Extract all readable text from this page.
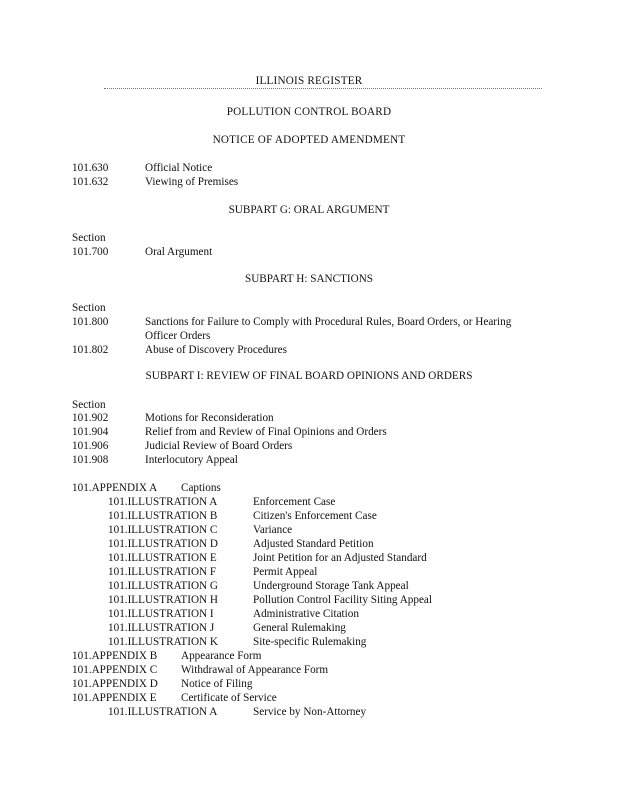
ILLINOIS REGISTER
POLLUTION CONTROL BOARD
NOTICE OF ADOPTED AMENDMENT
101.630	Official Notice
101.632	Viewing of Premises
SUBPART G: ORAL ARGUMENT
Section
101.700	Oral Argument
SUBPART H: SANCTIONS
Section
101.800	Sanctions for Failure to Comply with Procedural Rules, Board Orders, or Hearing
Officer Orders
101.802	Abuse of Discovery Procedures
SUBPART I: REVIEW OF FINAL BOARD OPINIONS AND ORDERS
Section
101.902	Motions for Reconsideration
101.904	Relief from and Review of Final Opinions and Orders
101.906	Judicial Review of Board Orders
101.908	Interlocutory Appeal
101.APPENDIX A Captions
101.ILLUSTRATION A	Enforcement Case
101.ILLUSTRATION B	Citizen's Enforcement Case
101.ILLUSTRATION C	Variance
101.ILLUSTRATION D	Adjusted Standard Petition
101.ILLUSTRATION E	Joint Petition for an Adjusted Standard
101.ILLUSTRATION F	Permit Appeal
101.ILLUSTRATION G	Underground Storage Tank Appeal
101.ILLUSTRATION H	Pollution Control Facility Siting Appeal
101.ILLUSTRATION I	Administrative Citation
101.ILLUSTRATION J	General Rulemaking
101.ILLUSTRATION K	Site-specific Rulemaking
101.APPENDIX B Appearance Form
101.APPENDIX C Withdrawal of Appearance Form
101.APPENDIX D Notice of Filing
101.APPENDIX E Certificate of Service
101.ILLUSTRATION A	Service by Non-Attorney
